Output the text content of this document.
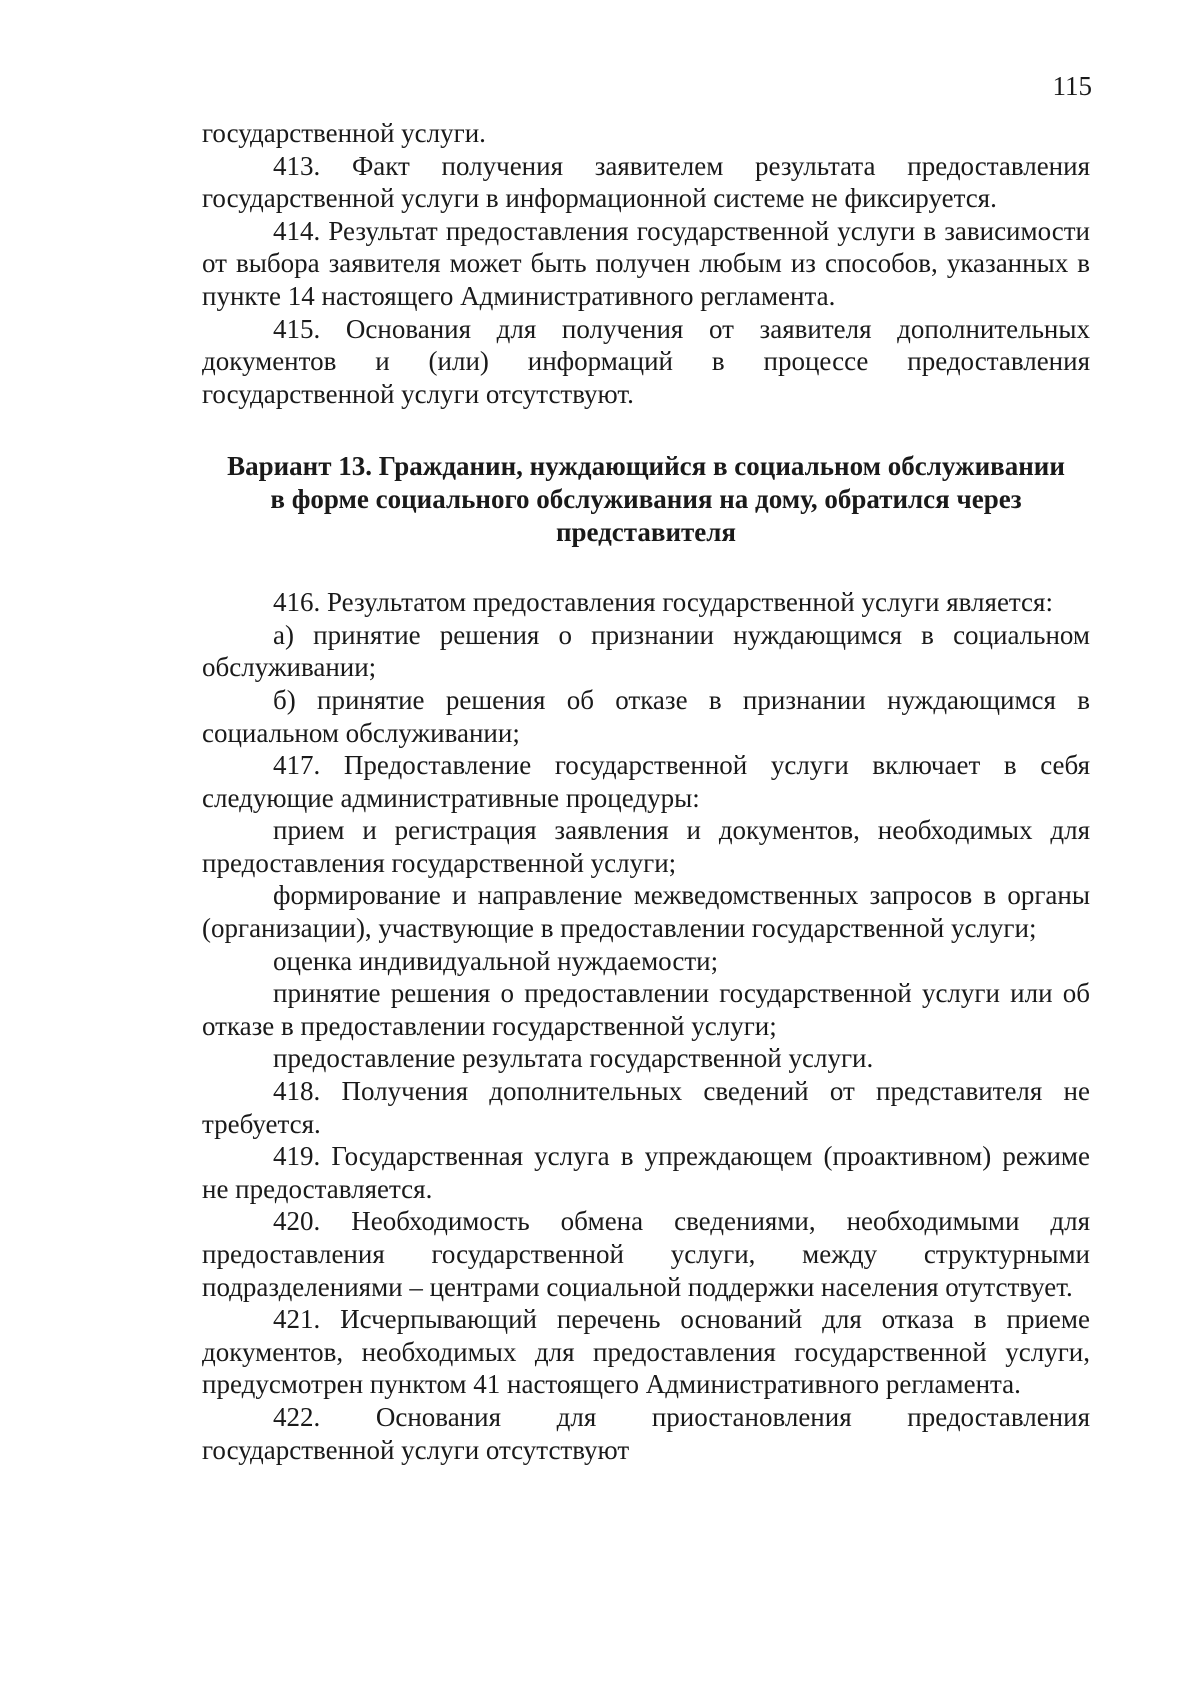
115

государственной услуги.

413. Факт получения заявителем результата предоставления государственной услуги в информационной системе не фиксируется.

414. Результат предоставления государственной услуги в зависимости от выбора заявителя может быть получен любым из способов, указанных в пункте 14 настоящего Административного регламента.

415. Основания для получения от заявителя дополнительных документов и (или) информаций в процессе предоставления государственной услуги отсутствуют.

Вариант 13. Гражданин, нуждающийся в социальном обслуживании
в форме социального обслуживания на дому, обратился через
представителя

416. Результатом предоставления государственной услуги является:

а) принятие решения о признании нуждающимся в социальном обслуживании;

б) принятие решения об отказе в признании нуждающимся в социальном обслуживании;

417. Предоставление государственной услуги включает в себя следующие административные процедуры:

прием и регистрация заявления и документов, необходимых для предоставления государственной услуги;

формирование и направление межведомственных запросов в органы (организации), участвующие в предоставлении государственной услуги;

оценка индивидуальной нуждаемости;

принятие решения о предоставлении государственной услуги или об отказе в предоставлении государственной услуги;

предоставление результата государственной услуги.

418. Получения дополнительных сведений от представителя не требуется.

419. Государственная услуга в упреждающем (проактивном) режиме не предоставляется.

420. Необходимость обмена сведениями, необходимыми для предоставления государственной услуги, между структурными подразделениями – центрами социальной поддержки населения отутствует.

421. Исчерпывающий перечень оснований для отказа в приеме документов, необходимых для предоставления государственной услуги, предусмотрен пунктом 41 настоящего Административного регламента.

422. Основания для приостановления предоставления государственной услуги отсутствуют
